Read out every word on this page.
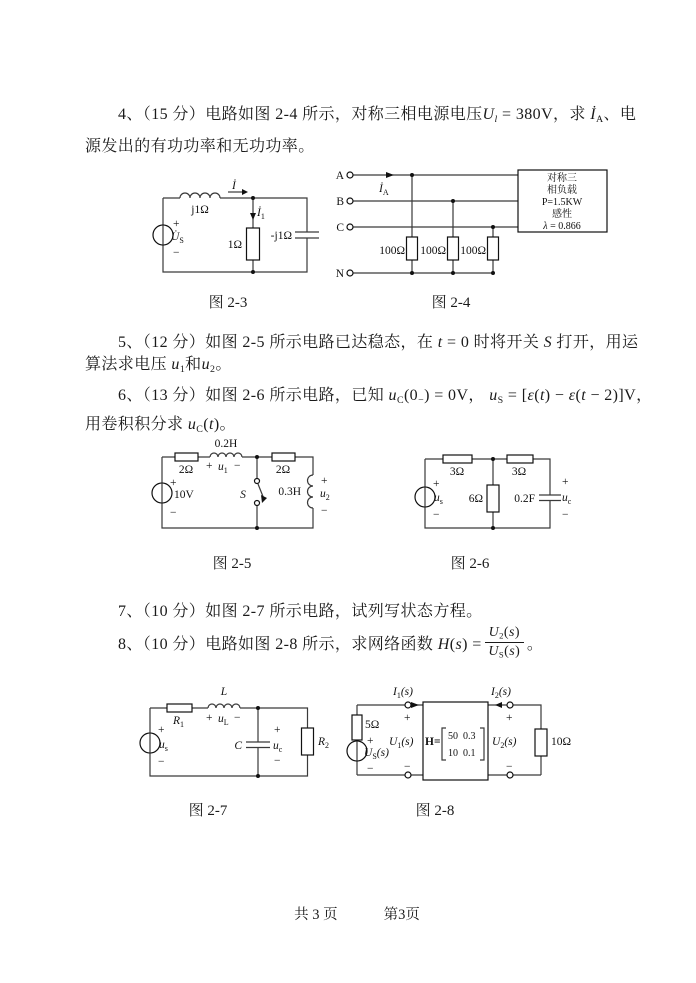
4、（15 分）电路如图 2-4 所示，对称三相电源电压Ul = 380V，求 İA、电

源发出的有功功率和无功功率。

5、（12 分）如图 2-5 所示电路已达稳态，在 t = 0 时将开关 S 打开，用运

算法求电压 u1和u2。

6、（13 分）如图 2-6 所示电路，已知 uC(0−) = 0V， uS = [ε(t) − ε(t − 2)]V，

用卷积积分求 uC(t)。

7、（10 分）如图 2-7 所示电路，试列写状态方程。

8、（10 分）电路如图 2-8 所示，求网络函数 $H(s) = \frac{U2(s)}{US(s)}$ 。
İ
$İ_1$
j1Ω
1Ω
-j1Ω
+
$U̇_S$
−
图 2-3
A
B
C
N
$İ_A$
100Ω 100Ω 100Ω
对称三
相负载
P=1.5KW
感性
λ = 0.866
图 2-4
+
10V
−
2Ω
0.2H
+ $u_1$ −
S
2Ω
0.3H
+
$u_2$
−
图 2-5
+
$u_s$
−
3Ω	3Ω
6Ω	0.2F
+
$u_c$
−
图 2-6
+
$u_s$
−
$R_1$
L
+ $u_L$ −
C
+
$u_c$
−
$R_2$
图 2-7
5Ω
+
$U_S(s)$
−
$I_1(s)$
+
$U_1(s)$
−
H= 50 0.3
10 0.1
$I_2(s)$
+
$U_2(s)$
−
10Ω
图 2-8
共 3 页	第3页
